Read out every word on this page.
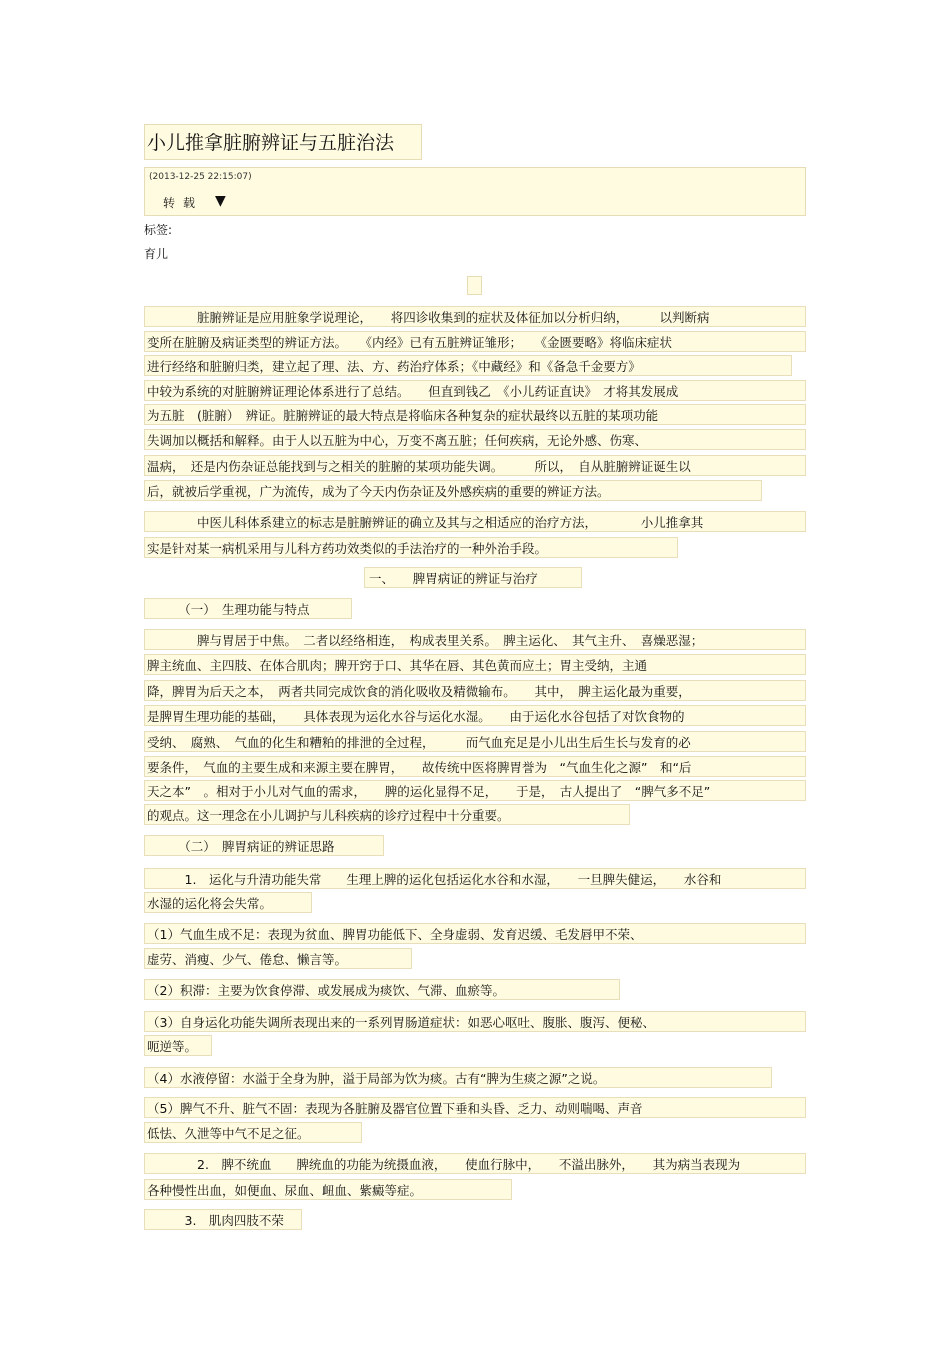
小儿推拿脏腑辨证与五脏治法
(2013-12-25 22:15:07)
转载 ▼
标签:
育儿
　　　　脏腑辨证是应用脏象学说理论，　　将四诊收集到的症状及体征加以分析归纳，　　　以判断病
变所在脏腑及病证类型的辨证方法。　　《内经》已有五脏辨证雏形；　　《金匮要略》将临床症状
进行经络和脏腑归类，建立起了理、法、方、药治疗体系；《中藏经》和《备急千金要方》
中较为系统的对脏腑辨证理论体系进行了总结。　　但直到钱乙　《小儿药证直诀》　才将其发展成
为五脏　(脏腑）　辨证。脏腑辨证的最大特点是将临床各种复杂的症状最终以五脏的某项功能
失调加以概括和解释。由于人以五脏为中心，万变不离五脏；任何疾病，无论外感、伤寒、
温病，　还是内伤杂证总能找到与之相关的脏腑的某项功能失调。　　　所以，　自从脏腑辨证诞生以
后，就被后学重视，广为流传，成为了今天内伤杂证及外感疾病的重要的辨证方法。
　　　　中医儿科体系建立的标志是脏腑辨证的确立及其与之相适应的治疗方法，　　　　小儿推拿其
实是针对某一病机采用与儿科方药功效类似的手法治疗的一种外治手段。
一、　　脾胃病证的辨证与治疗
　　　（一）　生理功能与特点
　　　　脾与胃居于中焦。　二者以经络相连，　构成表里关系。　脾主运化、　其气主升、　喜燥恶湿；
脾主统血、主四肢、在体合肌肉；脾开窍于口、其华在唇、其色黄而应土；胃主受纳，主通
降，脾胃为后天之本，　两者共同完成饮食的消化吸收及精微输布。　　其中，　脾主运化最为重要，
是脾胃生理功能的基础，　　具体表现为运化水谷与运化水湿。　　由于运化水谷包括了对饮食物的
受纳、　腐熟、　气血的化生和糟粕的排泄的全过程，　　　而气血充足是小儿出生后生长与发育的必
要条件，　气血的主要生成和来源主要在脾胃，　　故传统中医将脾胃誉为　“气血生化之源”　和“后
天之本”　。相对于小儿对气血的需求，　　脾的运化显得不足，　　于是，　古人提出了　“脾气多不足”
的观点。这一理念在小儿调护与儿科疾病的诊疗过程中十分重要。
　　　（二）　脾胃病证的辨证思路
　　　1.　运化与升清功能失常　　生理上脾的运化包括运化水谷和水湿，　　一旦脾失健运，　　水谷和
水湿的运化将会失常。
（1）气血生成不足：表现为贫血、脾胃功能低下、全身虚弱、发育迟缓、毛发唇甲不荣、
虚劳、消瘦、少气、倦怠、懒言等。
（2）积滞：主要为饮食停滞、或发展成为痰饮、气滞、血瘀等。
（3）自身运化功能失调所表现出来的一系列胃肠道症状：如恶心呕吐、腹胀、腹泻、便秘、
呃逆等。
（4）水液停留：水溢于全身为肿，溢于局部为饮为痰。古有“脾为生痰之源”之说。
（5）脾气不升、脏气不固：表现为各脏腑及器官位置下垂和头昏、乏力、动则喘喝、声音
低怯、久泄等中气不足之征。
　　　　2.　脾不统血　　脾统血的功能为统摄血液，　　使血行脉中，　　不溢出脉外，　　其为病当表现为
各种慢性出血，如便血、尿血、衄血、紫癜等症。
　　　3.　肌肉四肢不荣
